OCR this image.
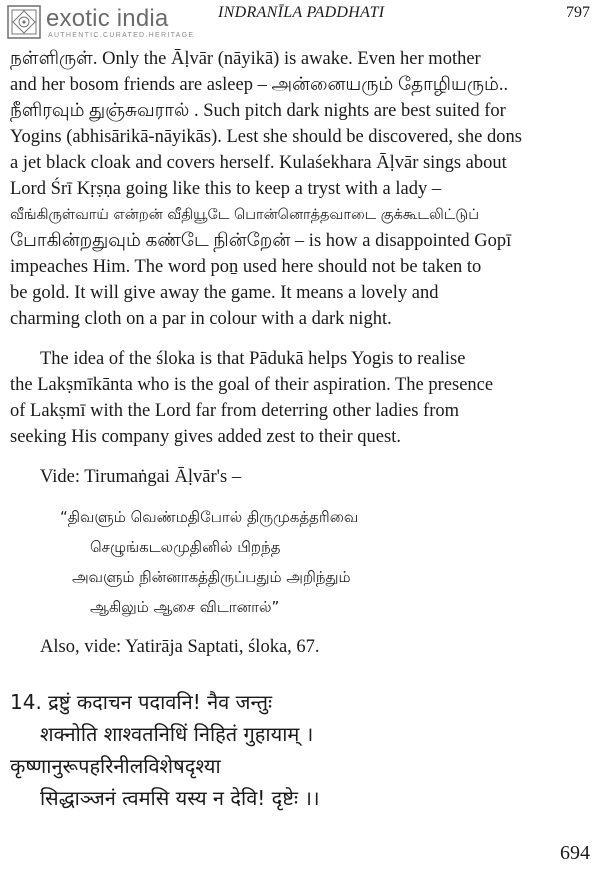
exotic india
AUTHENTIC.CURATED.HERITAGE
INDRANĪLA PADDHATI	797
நள்ளிருள். Only the Āḷvār (nāyikā) is awake. Even her mother
and her bosom friends are asleep – அன்னையரும் தோழியரும்..
நீளிரவும் துஞ்சுவரால் . Such pitch dark nights are best suited for
Yogins (abhisārikā-nāyikās). Lest she should be discovered, she dons
a jet black cloak and covers herself. Kulaśekhara Āḷvār sings about
Lord Śrī Kṛṣṇa going like this to keep a tryst with a lady –
வீங்கிருள்வாய் என்றன் வீதியூடே பொன்னொத்தவாடை குக்கூடலிட்டுப்
போகின்றதுவும் கண்டே நின்றேன் – is how a disappointed Gopī
impeaches Him. The word poṉ used here should not be taken to
be gold. It will give away the game. It means a lovely and
charming cloth on a par in colour with a dark night.
The idea of the śloka is that Pādukā helps Yogis to realise
the Lakṣmīkānta who is the goal of their aspiration. The presence
of Lakṣmī with the Lord far from deterring other ladies from
seeking His company gives added zest to their quest.
Vide: Tirumaṅgai Āḷvār's –
“திவளும் வெண்மதிபோல் திருமுகத்தரிவை
செழுங்கடலமுதினில் பிறந்த
அவளும் நின்னாகத்திருப்பதும் அறிந்தும்
ஆகிலும் ஆசை விடானால்”
Also, vide: Yatirāja Saptati, śloka, 67.
14. द्रष्टुं कदाचन पदावनि! नैव जन्तुः
शक्नोति शाश्वतनिधिं निहितं गुहायाम् ।
कृष्णानुरूपहरिनीलविशेषदृश्या
सिद्धाञ्जनं त्वमसि यस्य न देवि! दृष्टेः ।।
694
